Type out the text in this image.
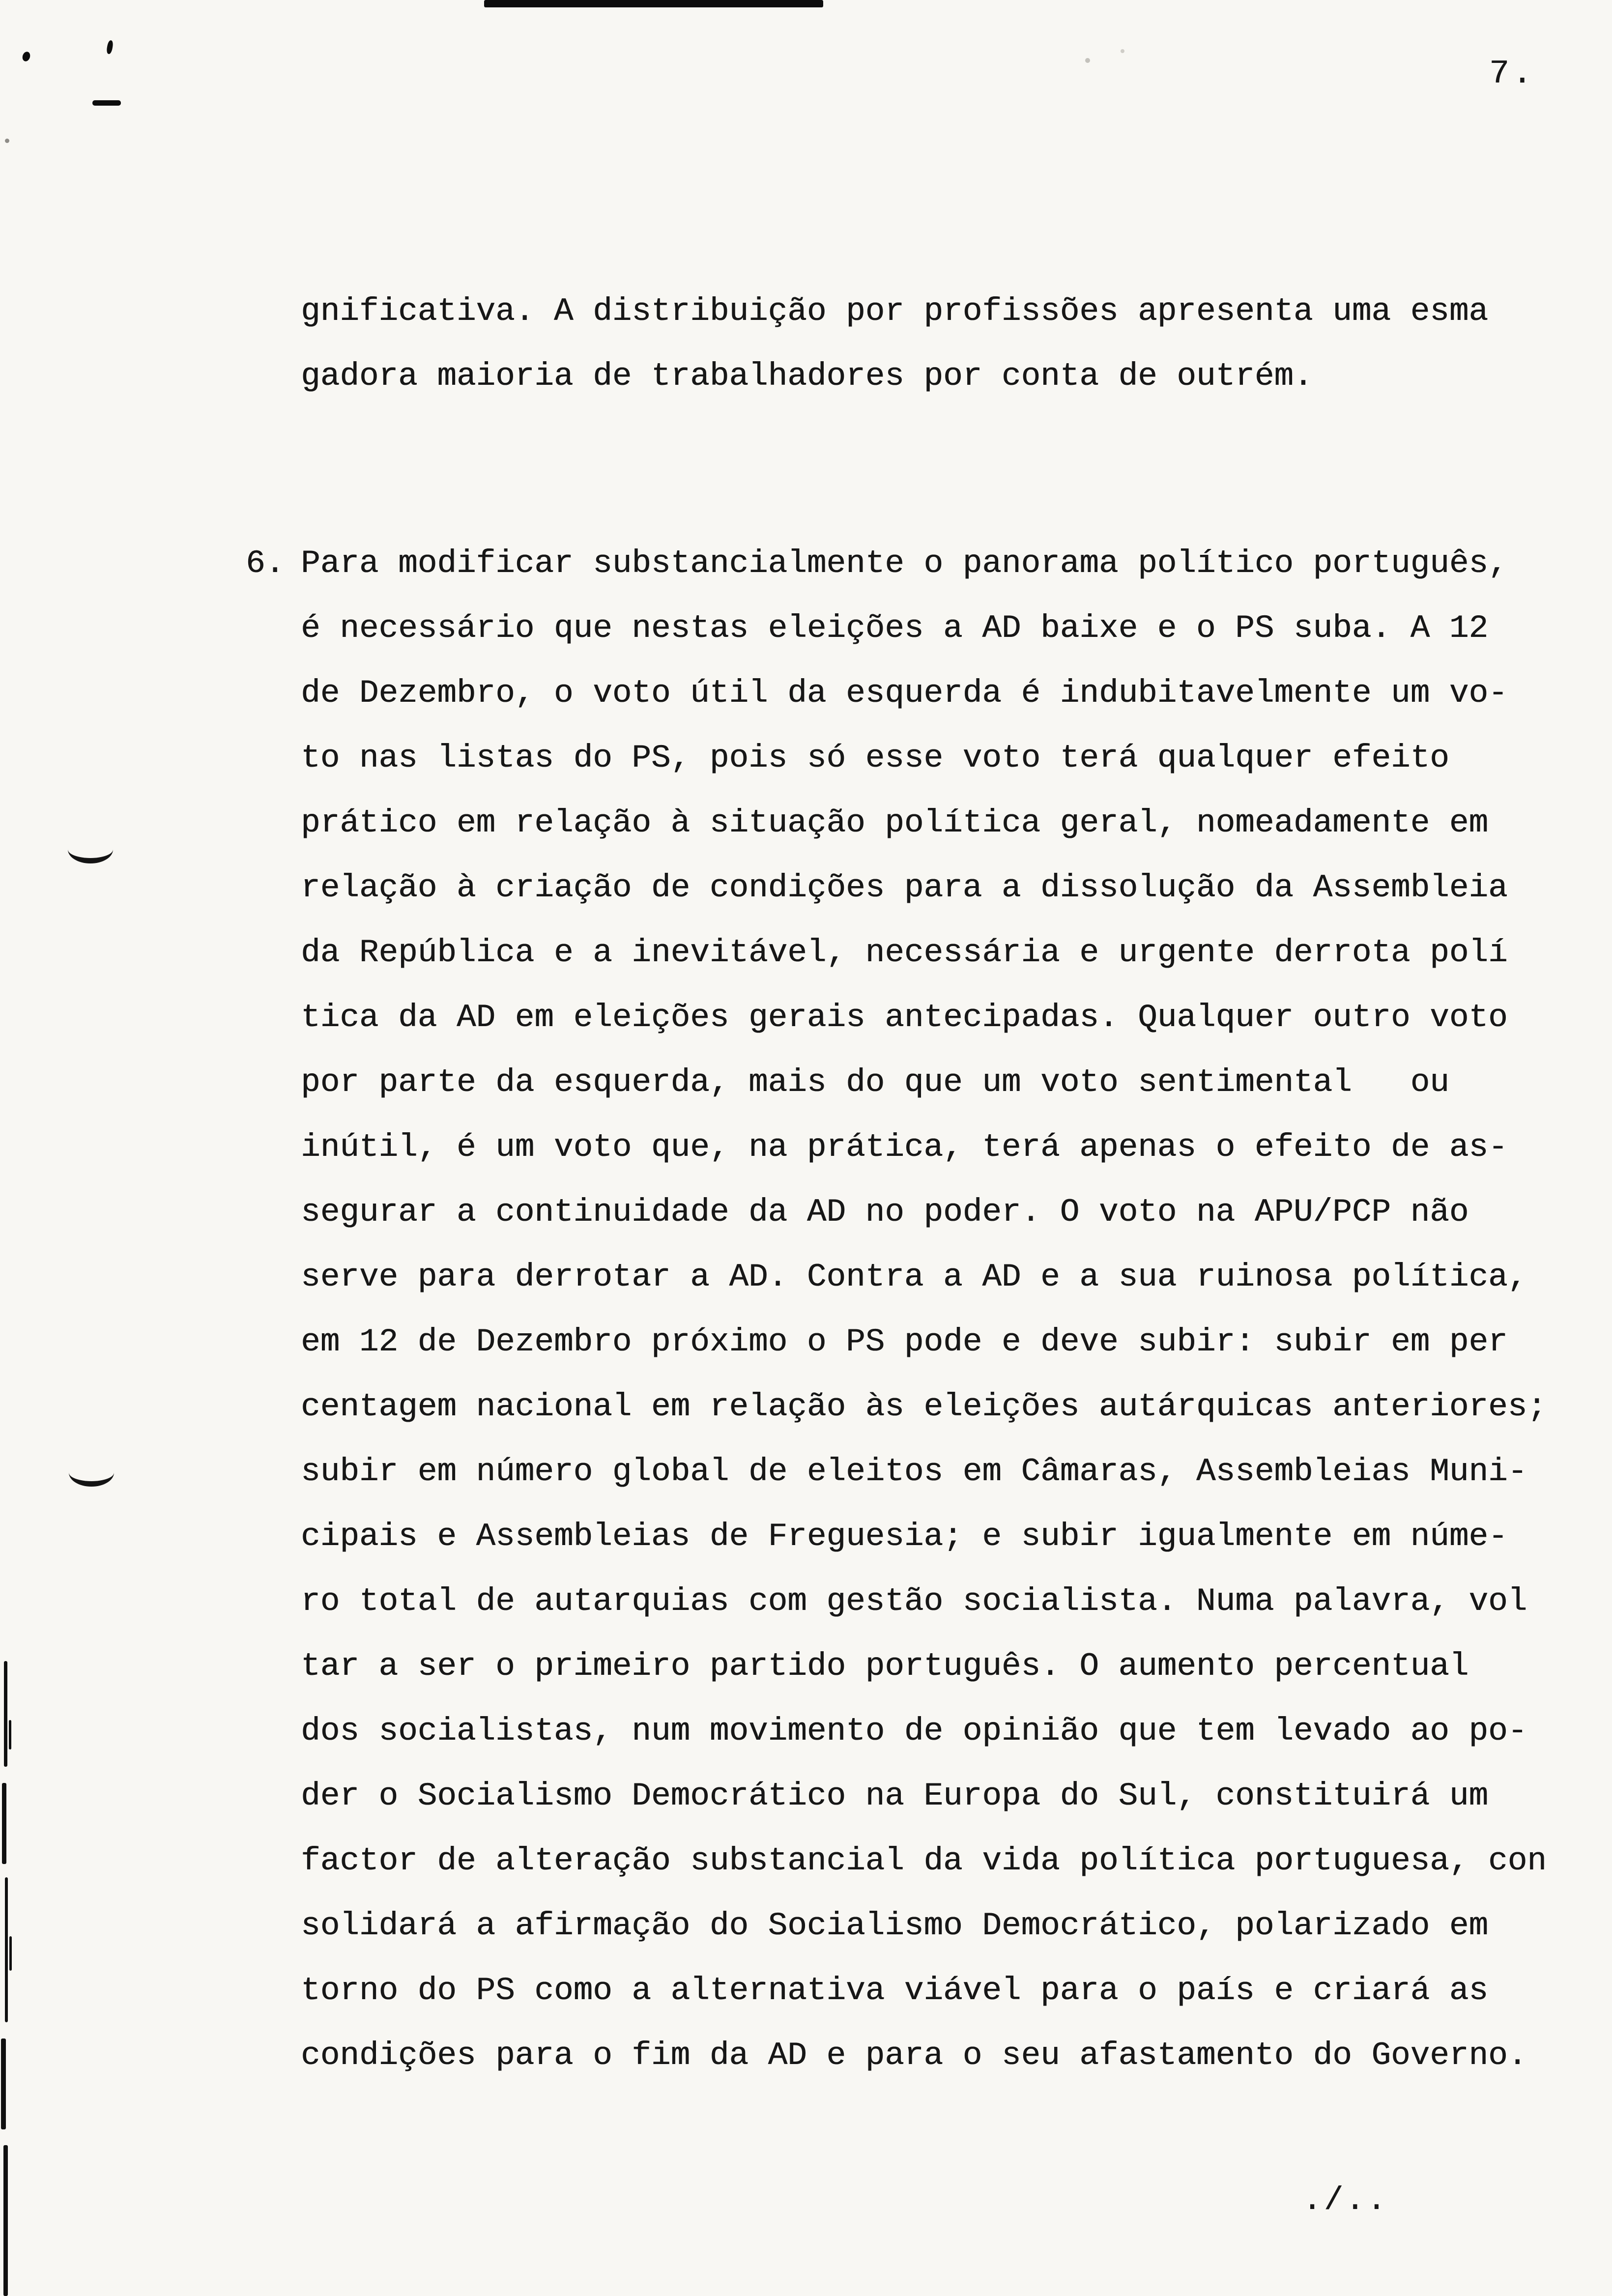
7.
gnificativa. A distribuição por profissões apresenta uma esma
gadora maioria de trabalhadores por conta de outrém.
6. Para modificar substancialmente o panorama político português,
é necessário que nestas eleições a AD baixe e o PS suba. A 12
de Dezembro, o voto útil da esquerda é indubitavelmente um vo-
to nas listas do PS, pois só esse voto terá qualquer efeito
prático em relação à situação política geral, nomeadamente em
relação à criação de condições para a dissolução da Assembleia
da República e a inevitável, necessária e urgente derrota polí
tica da AD em eleições gerais antecipadas. Qualquer outro voto
por parte da esquerda, mais do que um voto sentimental   ou
inútil, é um voto que, na prática, terá apenas o efeito de as-
segurar a continuidade da AD no poder. O voto na APU/PCP não
serve para derrotar a AD. Contra a AD e a sua ruinosa política,
em 12 de Dezembro próximo o PS pode e deve subir: subir em per
centagem nacional em relação às eleições autárquicas anteriores;
subir em número global de eleitos em Câmaras, Assembleias Muni-
cipais e Assembleias de Freguesia; e subir igualmente em núme-
ro total de autarquias com gestão socialista. Numa palavra, vol
tar a ser o primeiro partido português. O aumento percentual
dos socialistas, num movimento de opinião que tem levado ao po-
der o Socialismo Democrático na Europa do Sul, constituirá um
factor de alteração substancial da vida política portuguesa, con
solidará a afirmação do Socialismo Democrático, polarizado em
torno do PS como a alternativa viável para o país e criará as
condições para o fim da AD e para o seu afastamento do Governo.
./..
